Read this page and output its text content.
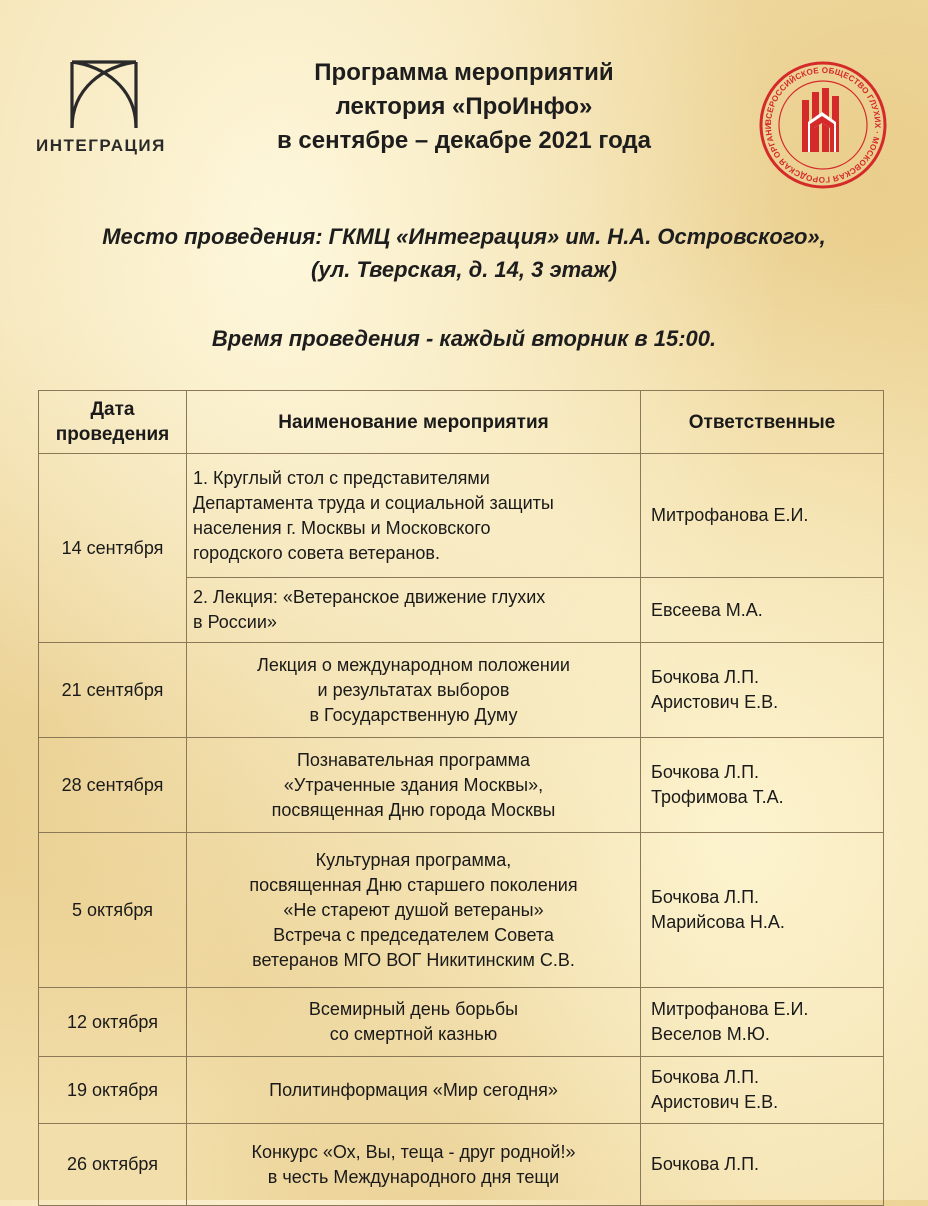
ИНТЕГРАЦИЯ
ВСЕРОССИЙСКОЕ ОБЩЕСТВО ГЛУХИХ · МОСКОВСКАЯ ГОРОДСКАЯ ОРГАНИ
Программа мероприятий
лектория «ПроИнфо»
в сентябре – декабре 2021 года
Место проведения: ГКМЦ «Интеграция» им. Н.А. Островского»,
(ул. Тверская, д. 14, 3 этаж)
Время проведения - каждый вторник в 15:00.
Дата
проведения	Наименование мероприятия	Ответственные

14 сентября	1. Круглый стол с представителями
Департамента труда и социальной защиты
населения г. Москвы и Московского
городского совета ветеранов.	Митрофанова Е.И.

	2. Лекция: «Ветеранское движение глухих
в России»	Евсеева М.А.

21 сентября	Лекция о международном положении
и результатах выборов
в Государственную Думу	Бочкова Л.П.
Аристович Е.В.

28 сентября	Познавательная программа
«Утраченные здания Москвы»,
посвященная Дню города Москвы	Бочкова Л.П.
Трофимова Т.А.

5 октября	Культурная программа,
посвященная Дню старшего поколения
«Не стареют душой ветераны»
Встреча с председателем Совета
ветеранов МГО ВОГ Никитинским С.В.	Бочкова Л.П.
Марийсова Н.А.

12 октября	Всемирный день борьбы
со смертной казнью	Митрофанова Е.И.
Веселов М.Ю.

19 октября	Политинформация «Мир сегодня»	Бочкова Л.П.
Аристович Е.В.

26 октября	Конкурс «Ох, Вы, теща - друг родной!»
в честь Международного дня тещи	Бочкова Л.П.
